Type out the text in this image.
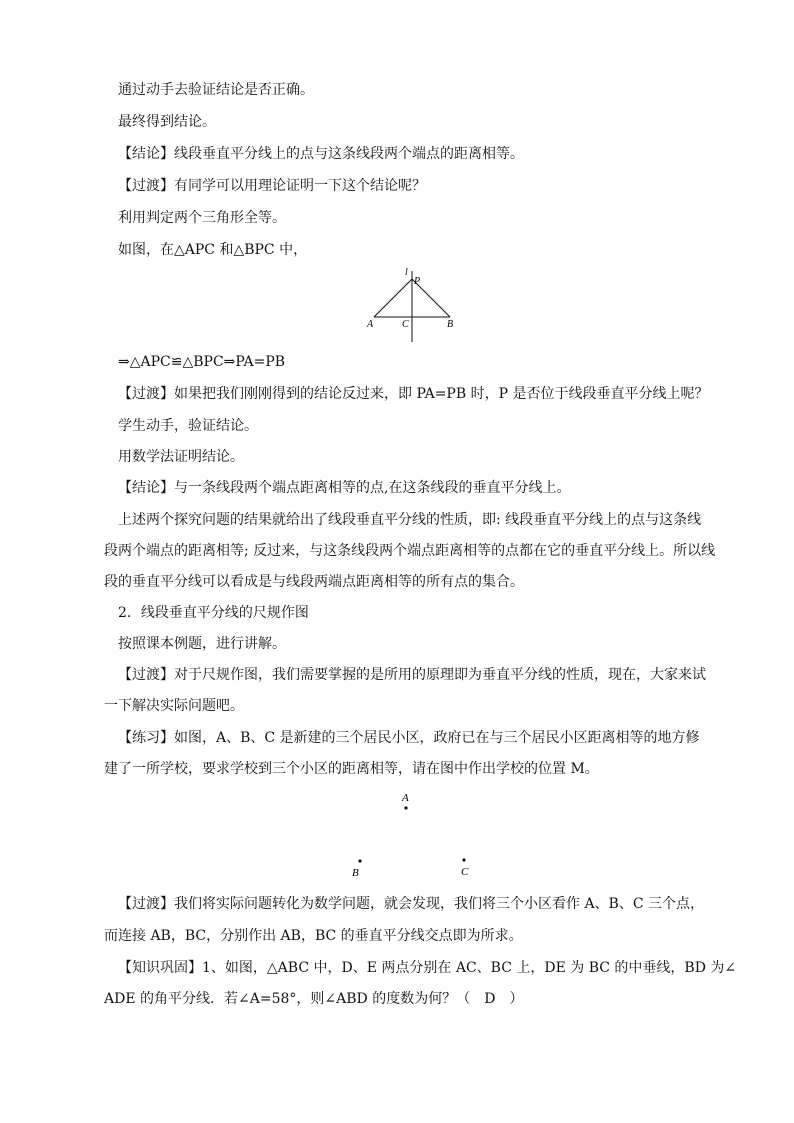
通过动手去验证结论是否正确。
最终得到结论。
【结论】线段垂直平分线上的点与这条线段两个端点的距离相等。
【过渡】有同学可以用理论证明一下这个结论呢？
利用判定两个三角形全等。
如图，在△APC 和△BPC 中，
l
P
A	C	B
⇒△APC≌△BPC⇒PA=PB
【过渡】如果把我们刚刚得到的结论反过来，即 PA=PB 时，P 是否位于线段垂直平分线上呢？
学生动手，验证结论。
用数学法证明结论。
【结论】与一条线段两个端点距离相等的点,在这条线段的垂直平分线上。
上述两个探究问题的结果就给出了线段垂直平分线的性质，即: 线段垂直平分线上的点与这条线
段两个端点的距离相等; 反过来，与这条线段两个端点距离相等的点都在它的垂直平分线上。所以线
段的垂直平分线可以看成是与线段两端点距离相等的所有点的集合。
2．线段垂直平分线的尺规作图
按照课本例题，进行讲解。
【过渡】对于尺规作图，我们需要掌握的是所用的原理即为垂直平分线的性质，现在，大家来试
一下解决实际问题吧。
【练习】如图，A、B、C 是新建的三个居民小区，政府已在与三个居民小区距离相等的地方修
建了一所学校，要求学校到三个小区的距离相等，请在图中作出学校的位置 M。
A
B	C
【过渡】我们将实际问题转化为数学问题，就会发现，我们将三个小区看作 A、B、C 三个点，
而连接 AB，BC，分别作出 AB，BC 的垂直平分线交点即为所求。
【知识巩固】1、如图，△ABC 中，D、E 两点分别在 AC、BC 上，DE 为 BC 的中垂线，BD 为∠
ADE 的角平分线．若∠A=58°，则∠ABD 的度数为何？（　D　）
